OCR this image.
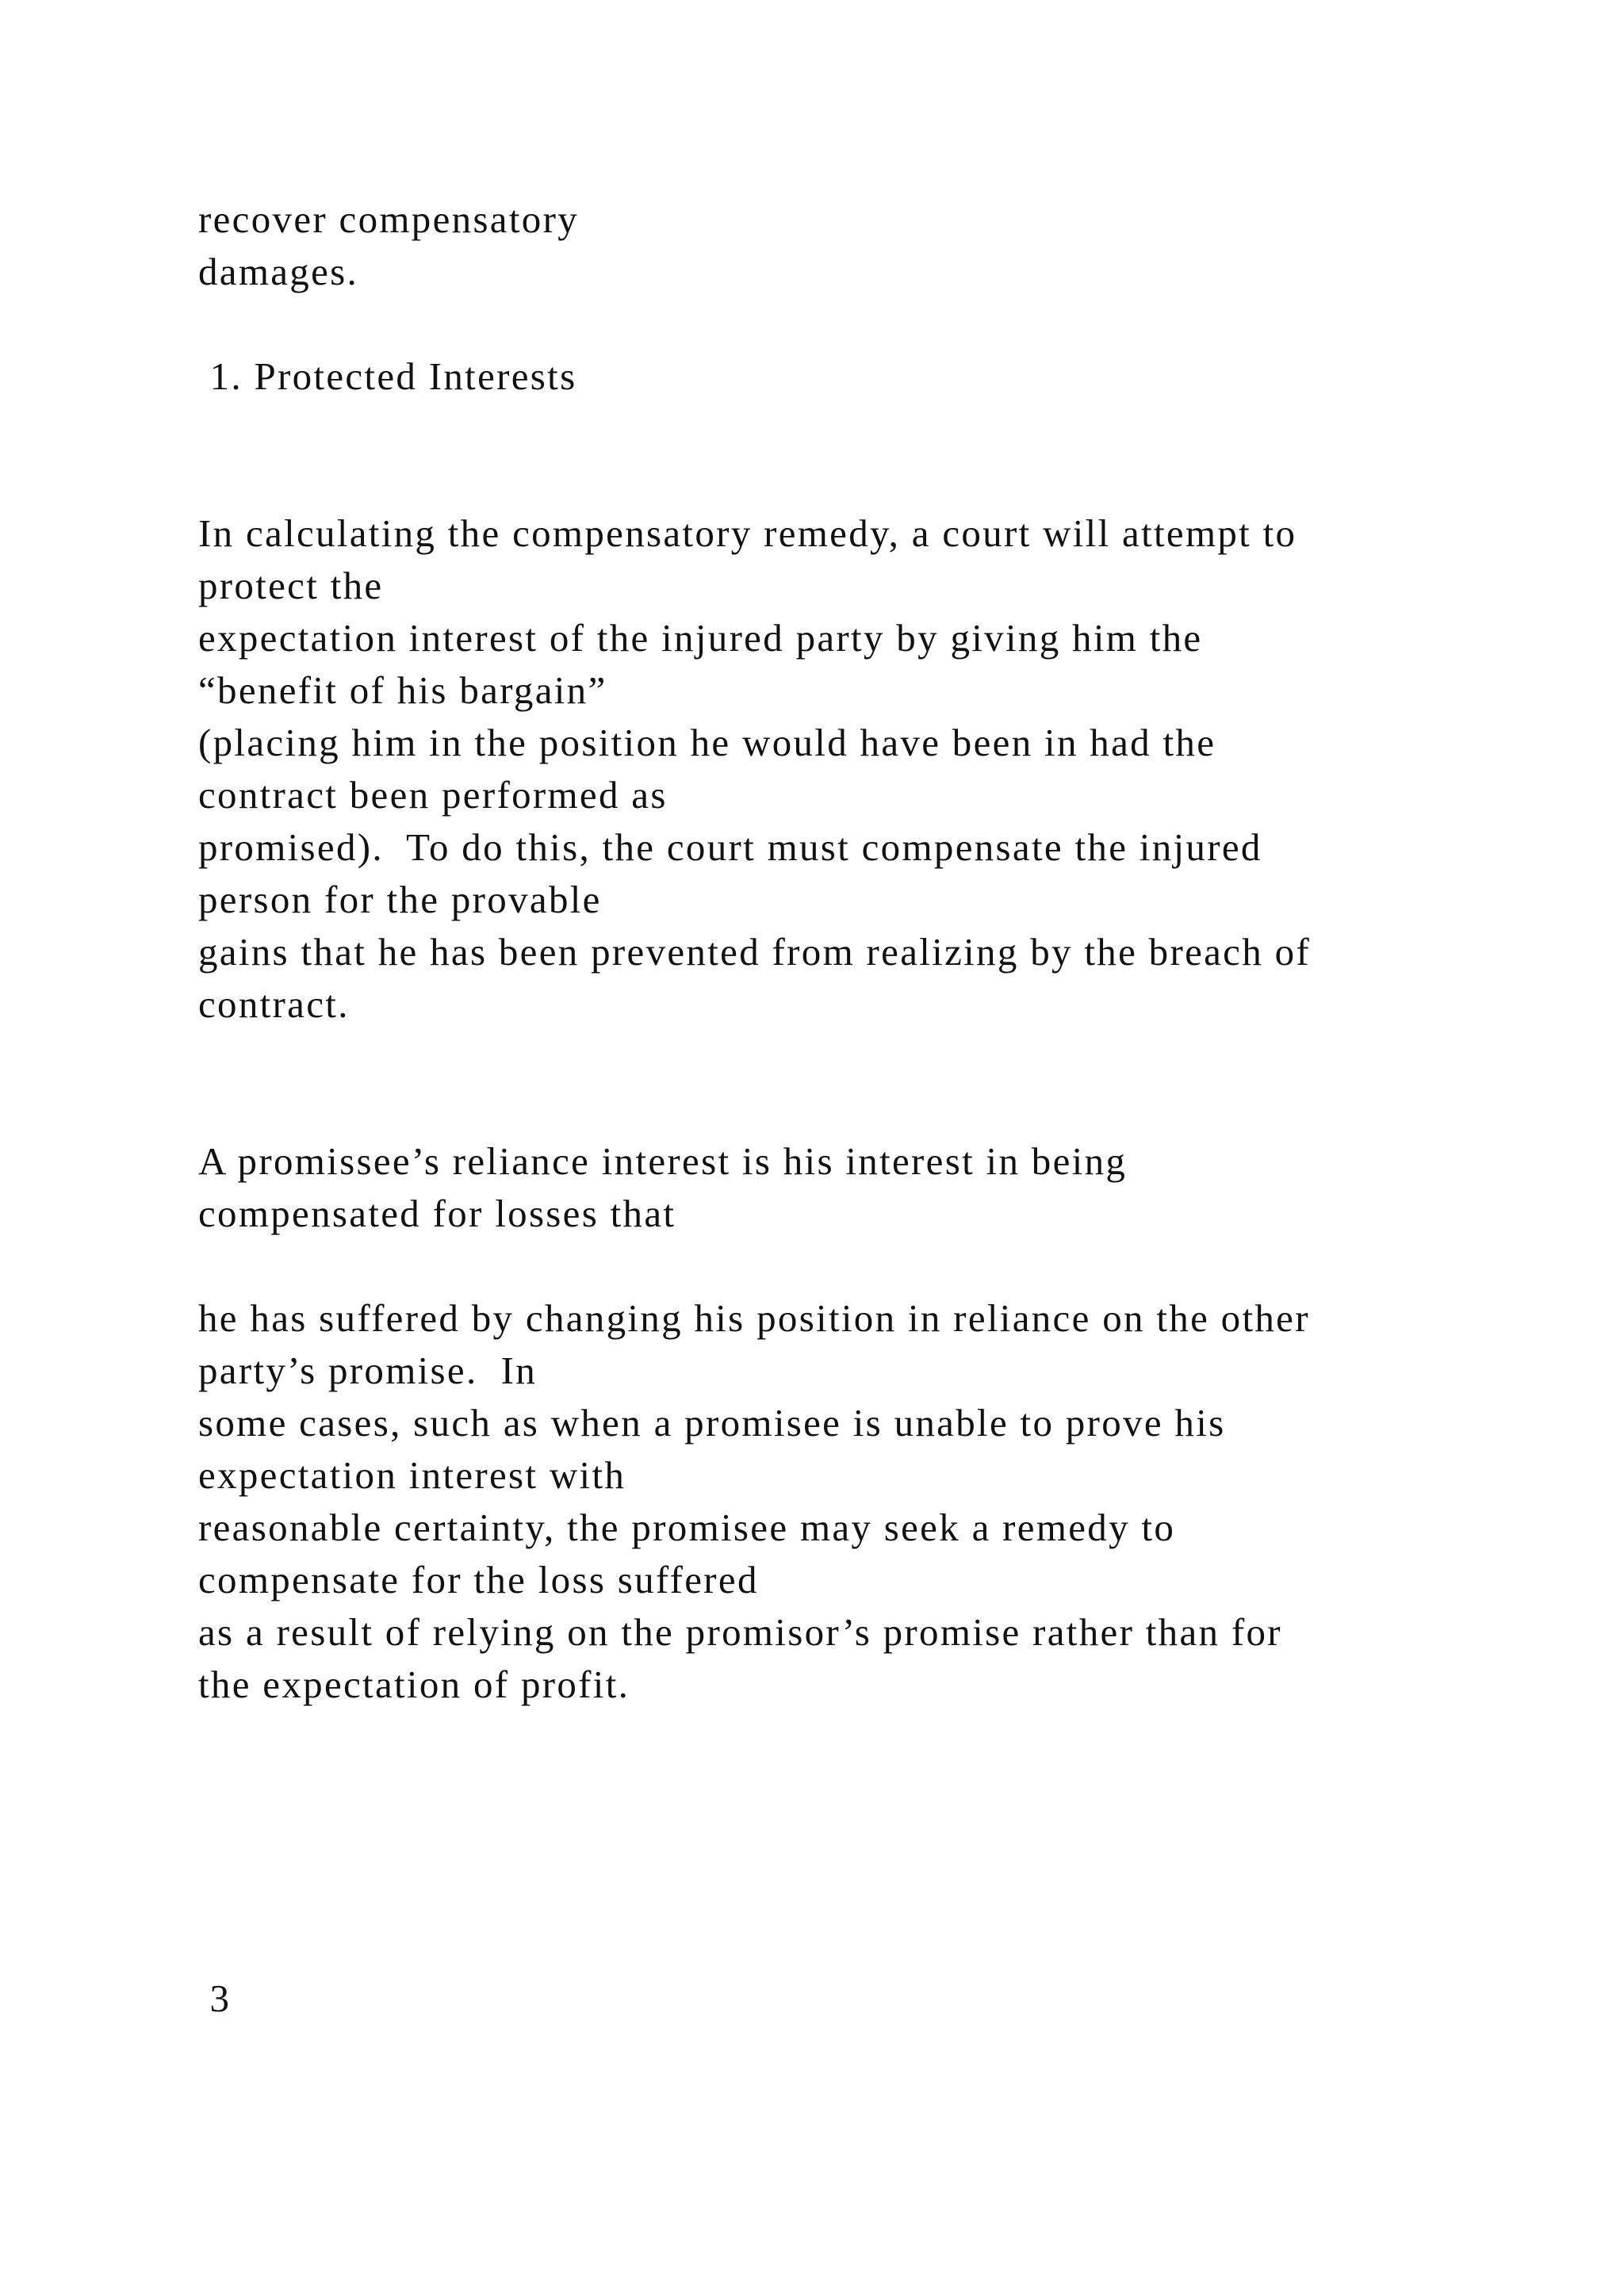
recover compensatory
damages.
1. Protected Interests
In calculating the compensatory remedy, a court will attempt to
protect the
expectation interest of the injured party by giving him the
“benefit of his bargain”
(placing him in the position he would have been in had the
contract been performed as
promised).  To do this, the court must compensate the injured
person for the provable
gains that he has been prevented from realizing by the breach of
contract.
A promissee’s reliance interest is his interest in being
compensated for losses that
he has suffered by changing his position in reliance on the other
party’s promise.  In
some cases, such as when a promisee is unable to prove his
expectation interest with
reasonable certainty, the promisee may seek a remedy to
compensate for the loss suffered
as a result of relying on the promisor’s promise rather than for
the expectation of profit.
3
